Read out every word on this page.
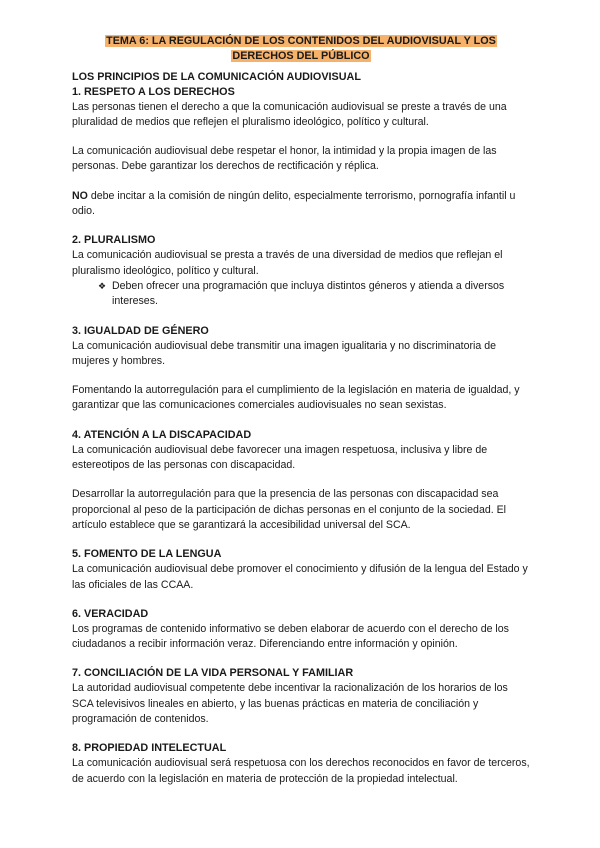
TEMA 6: LA REGULACIÓN DE LOS CONTENIDOS DEL AUDIOVISUAL Y LOS
DERECHOS DEL PÚBLICO
LOS PRINCIPIOS DE LA COMUNICACIÓN AUDIOVISUAL
1. RESPETO A LOS DERECHOS

Las personas tienen el derecho a que la comunicación audiovisual se preste a través de una pluralidad de medios que reflejen el pluralismo ideológico, político y cultural.

La comunicación audiovisual debe respetar el honor, la intimidad y la propia imagen de las personas. Debe garantizar los derechos de rectificación y réplica.

NO debe incitar a la comisión de ningún delito, especialmente terrorismo, pornografía infantil u odio.

2. PLURALISMO

La comunicación audiovisual se presta a través de una diversidad de medios que reflejan el pluralismo ideológico, político y cultural.

❖ Deben ofrecer una programación que incluya distintos géneros y atienda a diversos intereses.
3. IGUALDAD DE GÉNERO

La comunicación audiovisual debe transmitir una imagen igualitaria y no discriminatoria de mujeres y hombres.

Fomentando la autorregulación para el cumplimiento de la legislación en materia de igualdad, y garantizar que las comunicaciones comerciales audiovisuales no sean sexistas.

4. ATENCIÓN A LA DISCAPACIDAD

La comunicación audiovisual debe favorecer una imagen respetuosa, inclusiva y libre de estereotipos de las personas con discapacidad.

Desarrollar la autorregulación para que la presencia de las personas con discapacidad sea proporcional al peso de la participación de dichas personas en el conjunto de la sociedad. El artículo establece que se garantizará la accesibilidad universal del SCA.

5. FOMENTO DE LA LENGUA

La comunicación audiovisual debe promover el conocimiento y difusión de la lengua del Estado y las oficiales de las CCAA.

6. VERACIDAD

Los programas de contenido informativo se deben elaborar de acuerdo con el derecho de los ciudadanos a recibir información veraz. Diferenciando entre información y opinión.

7. CONCILIACIÓN DE LA VIDA PERSONAL Y FAMILIAR

La autoridad audiovisual competente debe incentivar la racionalización de los horarios de los SCA televisivos lineales en abierto, y las buenas prácticas en materia de conciliación y programación de contenidos.

8. PROPIEDAD INTELECTUAL

La comunicación audiovisual será respetuosa con los derechos reconocidos en favor de terceros, de acuerdo con la legislación en materia de protección de la propiedad intelectual.
